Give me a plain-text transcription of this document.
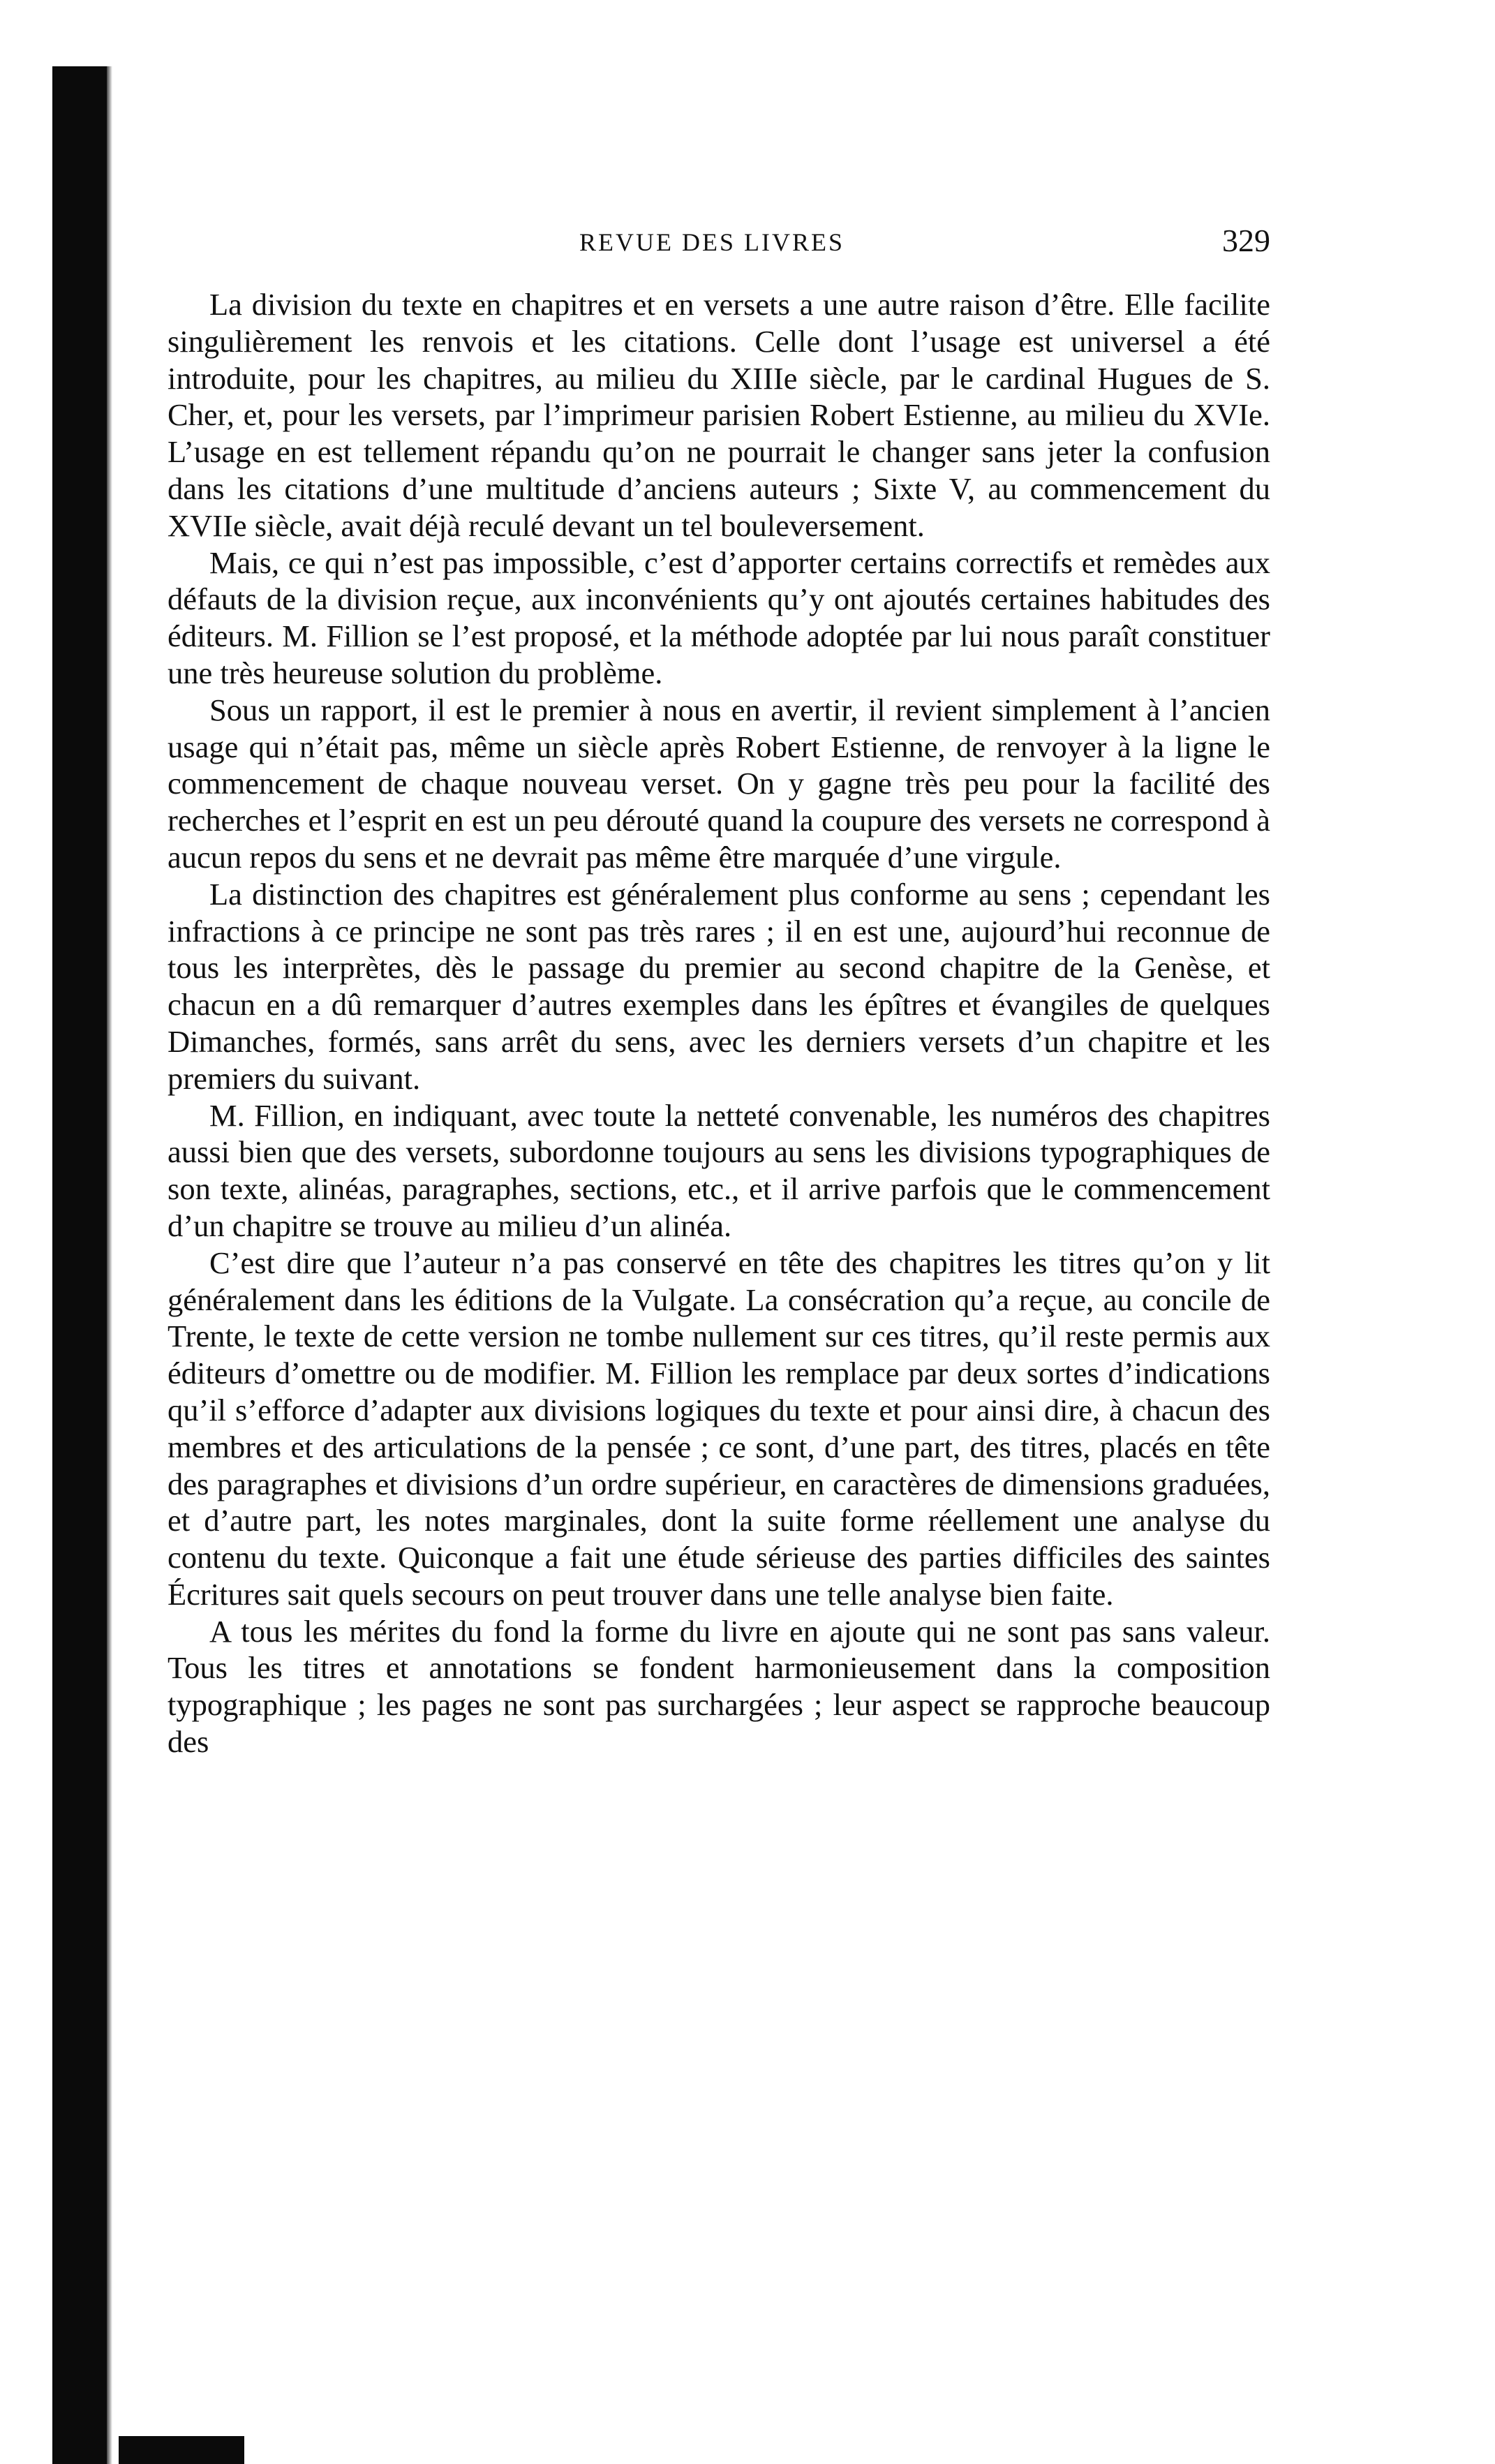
REVUE DES LIVRES	329

La division du texte en chapitres et en versets a une autre raison d’être. Elle facilite singulièrement les renvois et les citations. Celle dont l’usage est universel a été introduite, pour les chapitres, au milieu du XIIIe siècle, par le cardinal Hugues de S. Cher, et, pour les versets, par l’imprimeur parisien Robert Estienne, au milieu du XVIe. L’usage en est tellement répandu qu’on ne pourrait le changer sans jeter la confusion dans les citations d’une multitude d’anciens auteurs ; Sixte V, au commencement du XVIIe siècle, avait déjà reculé devant un tel bouleversement.

Mais, ce qui n’est pas impossible, c’est d’apporter certains correctifs et remèdes aux défauts de la division reçue, aux inconvénients qu’y ont ajoutés certaines habitudes des éditeurs. M. Fillion se l’est proposé, et la méthode adoptée par lui nous paraît constituer une très heureuse solution du problème.

Sous un rapport, il est le premier à nous en avertir, il revient simplement à l’ancien usage qui n’était pas, même un siècle après Robert Estienne, de renvoyer à la ligne le commencement de chaque nouveau verset. On y gagne très peu pour la facilité des recherches et l’esprit en est un peu dérouté quand la coupure des versets ne correspond à aucun repos du sens et ne devrait pas même être marquée d’une virgule.

La distinction des chapitres est généralement plus conforme au sens ; cependant les infractions à ce principe ne sont pas très rares ; il en est une, aujourd’hui reconnue de tous les interprètes, dès le passage du premier au second chapitre de la Genèse, et chacun en a dû remarquer d’autres exemples dans les épîtres et évangiles de quelques Dimanches, formés, sans arrêt du sens, avec les derniers versets d’un chapitre et les premiers du suivant.

M. Fillion, en indiquant, avec toute la netteté convenable, les numéros des chapitres aussi bien que des versets, subordonne toujours au sens les divisions typographiques de son texte, alinéas, paragraphes, sections, etc., et il arrive parfois que le commencement d’un chapitre se trouve au milieu d’un alinéa.

C’est dire que l’auteur n’a pas conservé en tête des chapitres les titres qu’on y lit généralement dans les éditions de la Vulgate. La consécration qu’a reçue, au concile de Trente, le texte de cette version ne tombe nullement sur ces titres, qu’il reste permis aux éditeurs d’omettre ou de modifier. M. Fillion les remplace par deux sortes d’indications qu’il s’efforce d’adapter aux divisions logiques du texte et pour ainsi dire, à chacun des membres et des articulations de la pensée ; ce sont, d’une part, des titres, placés en tête des paragraphes et divisions d’un ordre supérieur, en caractères de dimensions graduées, et d’autre part, les notes marginales, dont la suite forme réellement une analyse du contenu du texte. Quiconque a fait une étude sérieuse des parties difficiles des saintes Écritures sait quels secours on peut trouver dans une telle analyse bien faite.

A tous les mérites du fond la forme du livre en ajoute qui ne sont pas sans valeur. Tous les titres et annotations se fondent harmonieusement dans la composition typographique ; les pages ne sont pas surchargées ; leur aspect se rapproche beaucoup des
